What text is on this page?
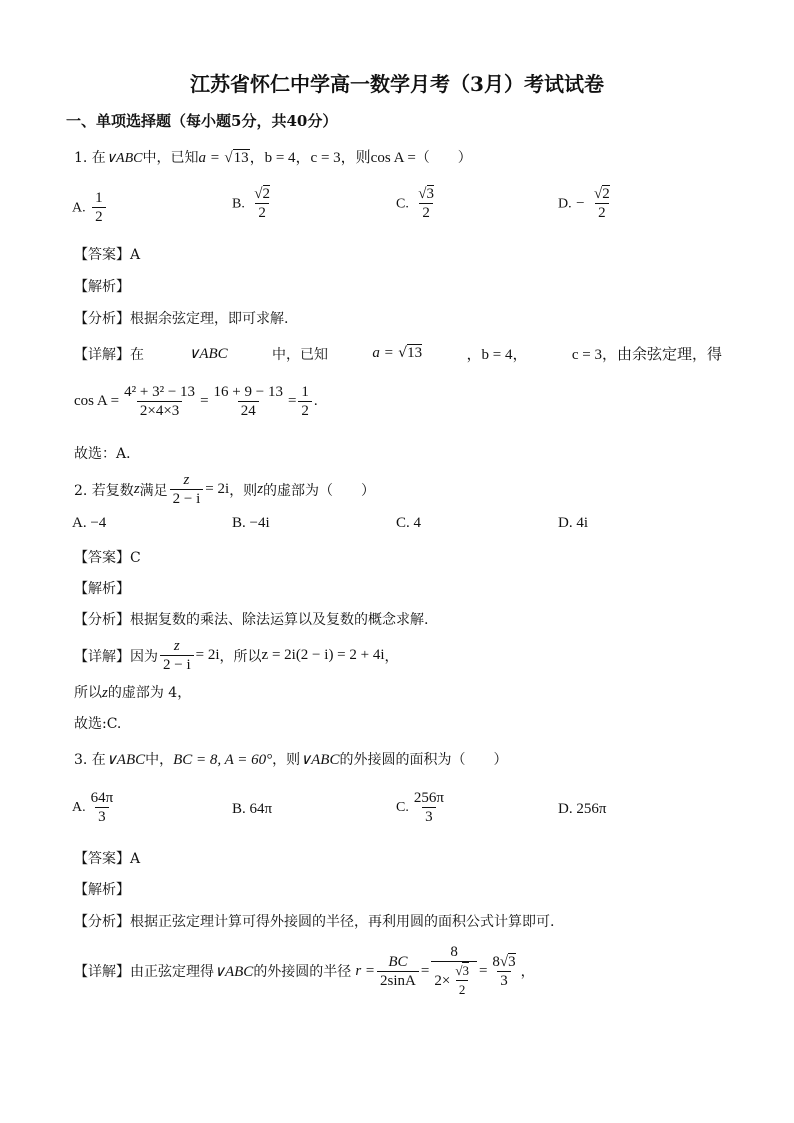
江苏省怀仁中学高一数学月考（3月）考试试卷
一、单项选择题（每小题5分，共40分）
1. 在∨ABC中，已知a = √13，b = 4，c = 3，则cos A =（　　）
A. $\frac{1}{2}$	B. $\frac{√2}{2}$	C. $\frac{√3}{2}$	D. − $\frac{√2}{2}$
【答案】A
【解析】
【分析】根据余弦定理，即可求解.
【详解】在	∨ABC	中，已知	a = √13	，b = 4，	c = 3，由余弦定理，得
$\cos A = \frac{\text{4² + 3² − 13}}{2\times 4\times 3} = \frac{16 + 9 - 13}{24} = \frac{1}{2}$ .
故选：A．
2. 若复数 z 满足 $\frac{z}{2 - i} = 2i$ ，则 z 的虚部为（　　）
A. −4	B. −4i	C. 4	D. 4i
【答案】C
【解析】
【分析】根据复数的乘法、除法运算以及复数的概念求解.
【详解】因为 $\frac{z}{2 - i} = 2i$ ，所以 z = 2i(2 − i) = 2 + 4i ，
所以z的虚部为 4，
故选:C.
3. 在∨ABC中，BC = 8, A = 60°，则∨ABC的外接圆的面积为（　　）
A. $\frac{64\pi}{3}$	B. 64π	C. $\frac{256\pi}{3}$	D. 256π
【答案】A
【解析】
【分析】根据正弦定理计算可得外接圆的半径，再利用圆的面积公式计算即可.
【详解】由正弦定理得 ∨ABC 的外接圆的半径 $r = \frac{BC}{2\sin A} = \frac{8}{2\times \frac{√3}{2}} = \frac{8√3}{3}$ ，
